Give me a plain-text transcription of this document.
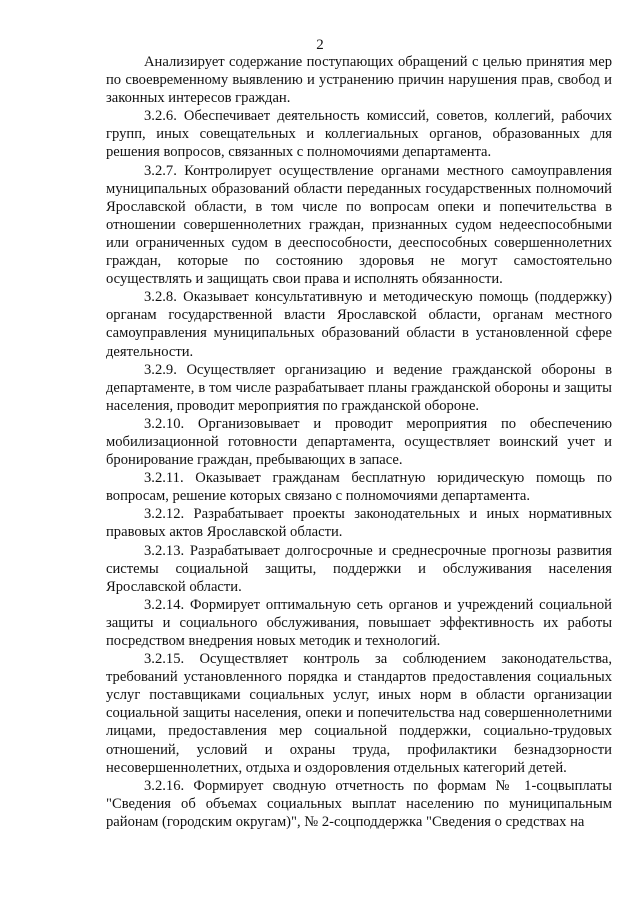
2

Анализирует содержание поступающих обращений с целью принятия мер по своевременному выявлению и устранению причин нарушения прав, свобод и законных интересов граждан.

3.2.6. Обеспечивает деятельность комиссий, советов, коллегий, рабочих групп, иных совещательных и коллегиальных органов, образованных для решения вопросов, связанных с полномочиями департамента.

3.2.7. Контролирует осуществление органами местного самоуправления муниципальных образований области переданных государственных полномочий Ярославской области, в том числе по вопросам опеки и попечительства в отношении совершеннолетних граждан, признанных судом недееспособными или ограниченных судом в дееспособности, дееспособных совершеннолетних граждан, которые по состоянию здоровья не могут самостоятельно осуществлять и защищать свои права и исполнять обязанности.

3.2.8. Оказывает консультативную и методическую помощь (поддержку) органам государственной власти Ярославской области, органам местного самоуправления муниципальных образований области в установленной сфере деятельности.

3.2.9. Осуществляет организацию и ведение гражданской обороны в департаменте, в том числе разрабатывает планы гражданской обороны и защиты населения, проводит мероприятия по гражданской обороне.

3.2.10. Организовывает и проводит мероприятия по обеспечению мобилизационной готовности департамента, осуществляет воинский учет и бронирование граждан, пребывающих в запасе.

3.2.11. Оказывает гражданам бесплатную юридическую помощь по вопросам, решение которых связано с полномочиями департамента.

3.2.12. Разрабатывает проекты законодательных и иных нормативных правовых актов Ярославской области.

3.2.13. Разрабатывает долгосрочные и среднесрочные прогнозы развития системы социальной защиты, поддержки и обслуживания населения Ярославской области.

3.2.14. Формирует оптимальную сеть органов и учреждений социальной защиты и социального обслуживания, повышает эффективность их работы посредством внедрения новых методик и технологий.

3.2.15. Осуществляет контроль за соблюдением законодательства, требований установленного порядка и стандартов предоставления социальных услуг поставщиками социальных услуг, иных норм в области организации социальной защиты населения, опеки и попечительства над совершеннолетними лицами, предоставления мер социальной поддержки, социально-трудовых отношений, условий и охраны труда, профилактики безнадзорности несовершеннолетних, отдыха и оздоровления отдельных категорий детей.

3.2.16. Формирует сводную отчетность по формам № 1-соцвыплаты "Сведения об объемах социальных выплат населению по муниципальным районам (городским округам)", № 2-соцподдержка "Сведения о средствах на
